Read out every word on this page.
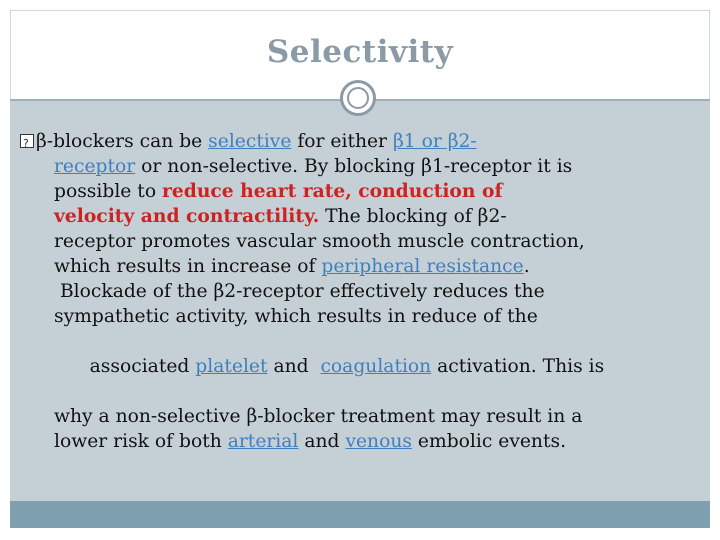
Selectivity
?β-blockers can be selective for either β1 or β2-
receptor or non-selective. By blocking β1-receptor it is
possible to reduce heart rate, conduction of
velocity and contractility. The blocking of β2-
receptor promotes vascular smooth muscle contraction,
which results in increase of peripheral resistance.
Blockade of the β2-receptor effectively reduces the
sympathetic activity, which results in reduce of the

associated platelet and  coagulation activation. This is

why a non-selective β-blocker treatment may result in a
lower risk of both arterial and venous embolic events.
